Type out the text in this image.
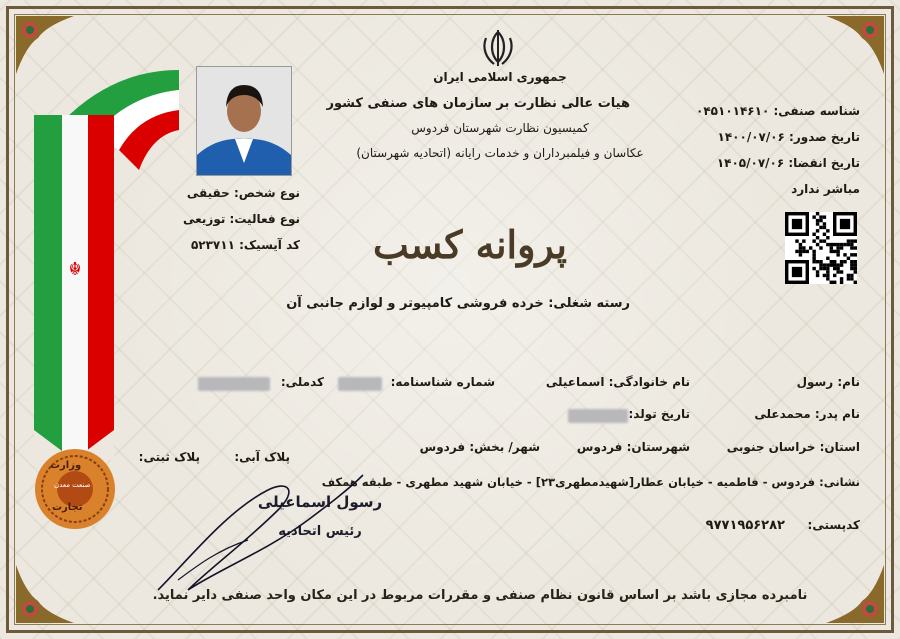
☬
وزارت
صنعت معدن
تجارت
جمهوری اسلامی ایران
هیات عالی نظارت بر سازمان های صنفی کشور
کمیسیون نظارت شهرستان فردوس
عکاسان و فیلمبرداران و خدمات رایانه (اتحادیه شهرستان)
پروانه کسب
رسته شغلی: خرده فروشی کامپیوتر و لوازم جانبی آن
نوع شخص: حقیقی
نوع فعالیت: توزیعی
کد آیسیک: ۵۲۳۷۱۱
شناسه صنفی: ۰۴۵۱۰۱۴۶۱۰
تاریخ صدور: ۱۴۰۰/۰۷/۰۶
تاریخ انقضا: ۱۴۰۵/۰۷/۰۶
مباشر ندارد
نام: رسول
نام خانوادگی: اسماعیلی
شماره شناسنامه:
کدملی:
نام پدر: محمدعلی
تاریخ تولد:
استان: خراسان جنوبی
شهرستان: فردوس
شهر/ بخش: فردوس
پلاک آبی:
پلاک ثبتی:
نشانی: فردوس - فاطمیه - خیابان عطار[شهیدمطهری۲۳] - خیابان شهید مطهری - طبقه همکف
کدپستی:
۹۷۷۱۹۵۶۲۸۲
رسول اسماعیلی
رئیس اتحادیه
نامبرده مجازی باشد بر اساس قانون نظام صنفی و مقررات مربوط در این مکان واحد صنفی دایر نماید.
